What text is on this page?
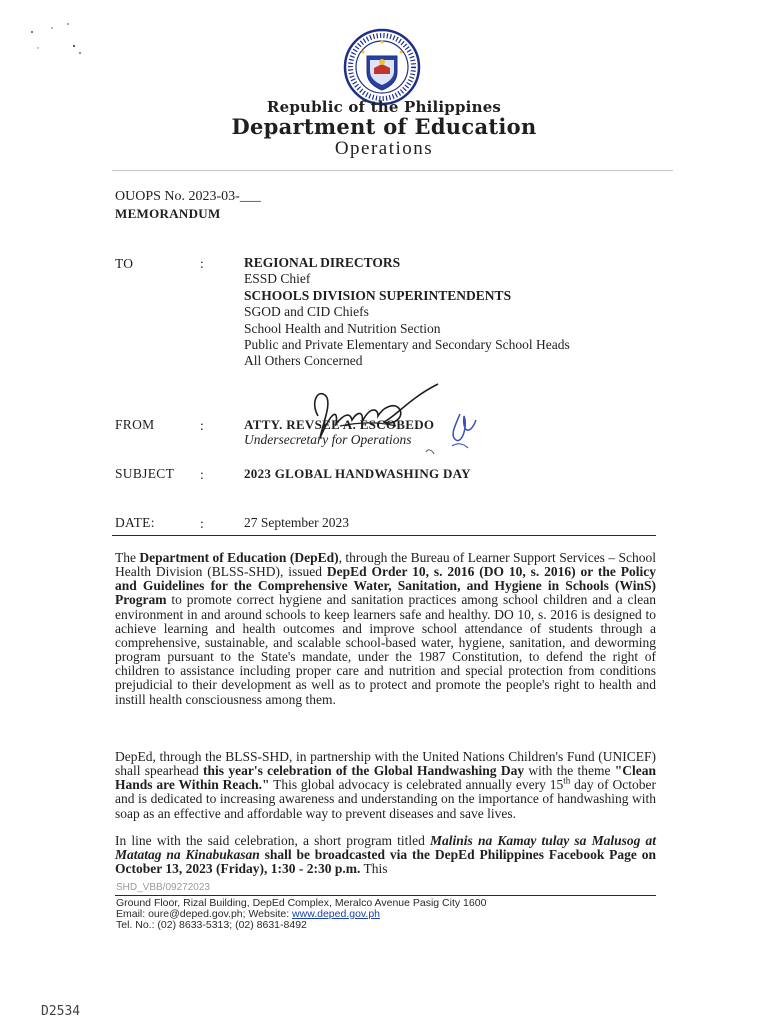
Republic of the Philippines
Department of Education
Operations
OUOPS No. 2023-03-___
MEMORANDUM
TO	:	REGIONAL DIRECTORS
ESSD Chief
SCHOOLS DIVISION SUPERINTENDENTS
SGOD and CID Chiefs
School Health and Nutrition Section
Public and Private Elementary and Secondary School Heads
All Others Concerned
FROM	:	ATTY. REVSEE A. ESCOBEDO
Undersecretary for Operations
SUBJECT :	2023 GLOBAL HANDWASHING DAY
DATE:	:	27 September 2023
The Department of Education (DepEd), through the Bureau of Learner Support Services – School Health Division (BLSS-SHD), issued DepEd Order 10, s. 2016 (DO 10, s. 2016) or the Policy and Guidelines for the Comprehensive Water, Sanitation, and Hygiene in Schools (WinS) Program to promote correct hygiene and sanitation practices among school children and a clean environment in and around schools to keep learners safe and healthy. DO 10, s. 2016 is designed to achieve learning and health outcomes and improve school attendance of students through a comprehensive, sustainable, and scalable school-based water, hygiene, sanitation, and deworming program pursuant to the State's mandate, under the 1987 Constitution, to defend the right of children to assistance including proper care and nutrition and special protection from conditions prejudicial to their development as well as to protect and promote the people's right to health and instill health consciousness among them.
DepEd, through the BLSS-SHD, in partnership with the United Nations Children's Fund (UNICEF) shall spearhead this year's celebration of the Global Handwashing Day with the theme "Clean Hands are Within Reach." This global advocacy is celebrated annually every 15th day of October and is dedicated to increasing awareness and understanding on the importance of handwashing with soap as an effective and affordable way to prevent diseases and save lives.
In line with the said celebration, a short program titled Malinis na Kamay tulay sa Malusog at Matatag na Kinabukasan shall be broadcasted via the DepEd Philippines Facebook Page on October 13, 2023 (Friday), 1:30 - 2:30 p.m. This
SHD_VBB/09272023
Ground Floor, Rizal Building, DepEd Complex, Meralco Avenue Pasig City 1600
Email: oure@deped.gov.ph; Website: www.deped.gov.ph
Tel. No.: (02) 8633-5313; (02) 8631-8492
D2534
